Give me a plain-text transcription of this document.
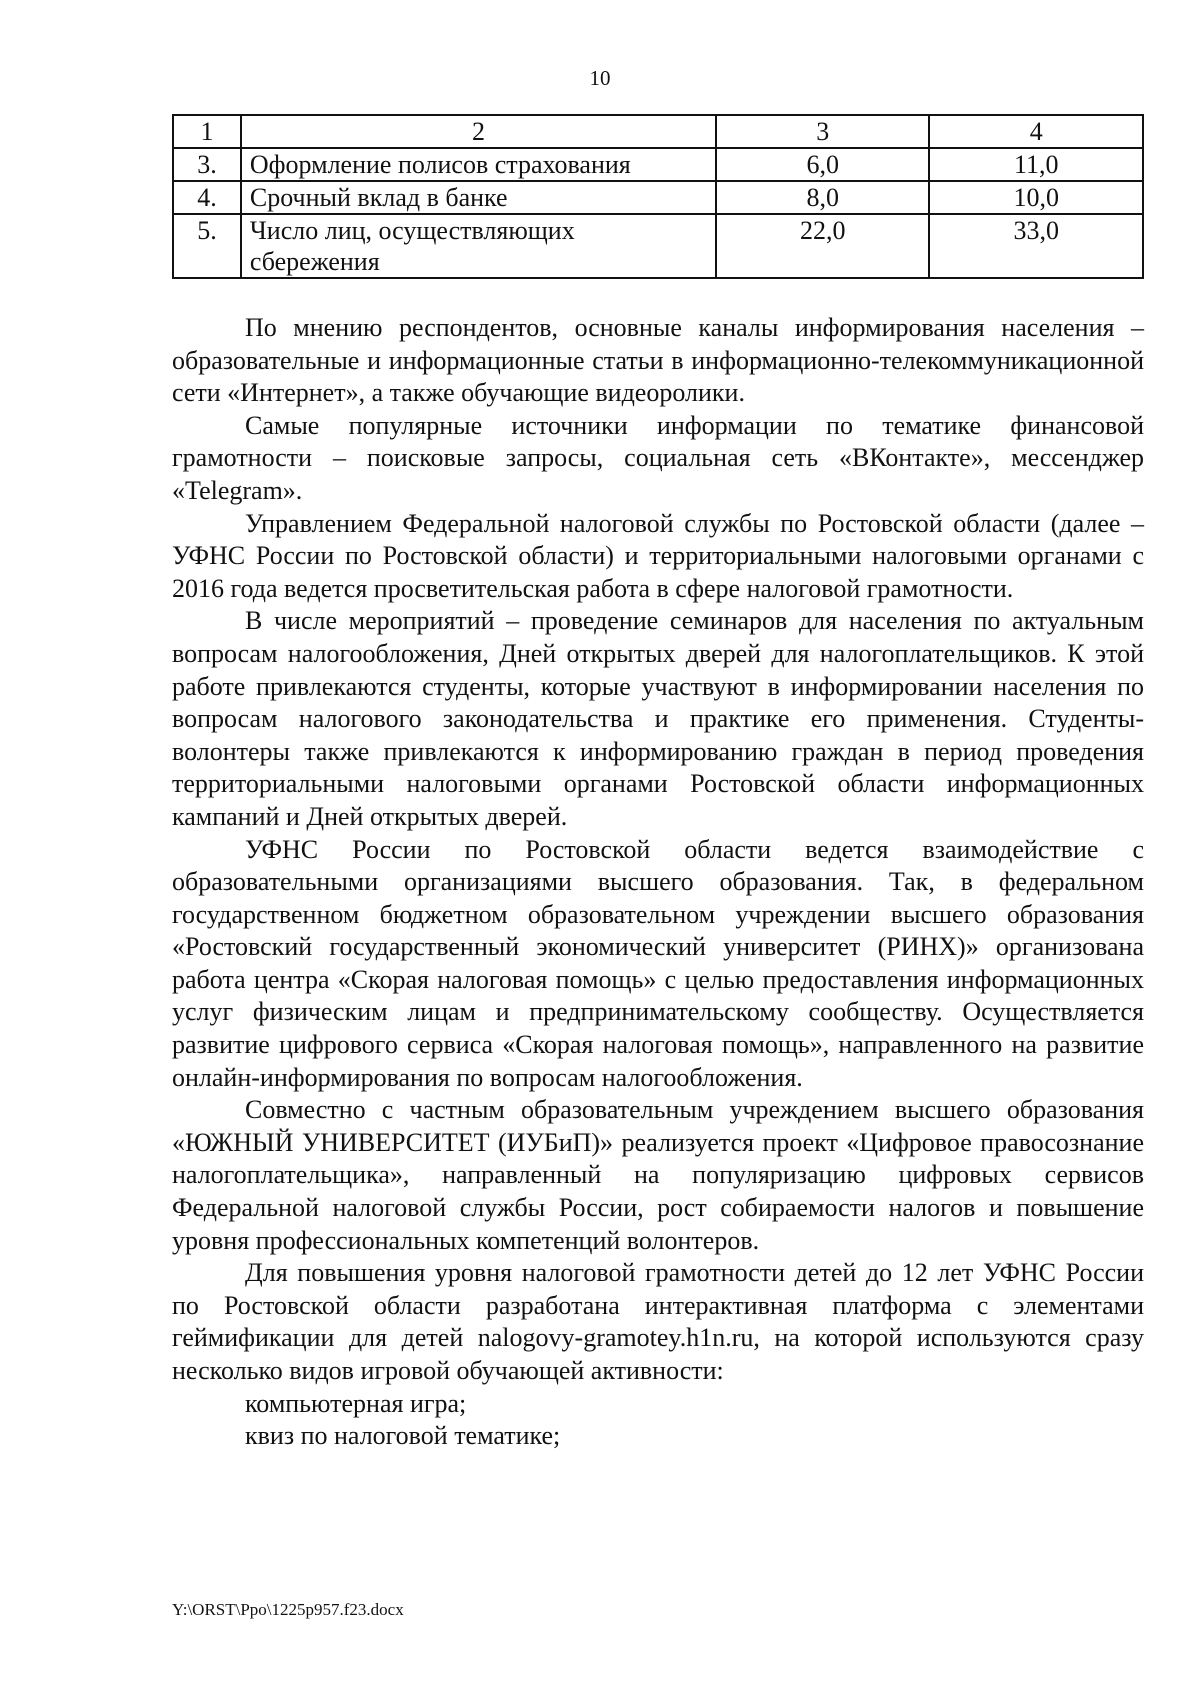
10
1	2	3	4
3.	Оформление полисов страхования	6,0	11,0
4.	Срочный вклад в банке	8,0	10,0
5.	Число лиц, осуществляющих сбережения	22,0	33,0

По мнению респондентов, основные каналы информирования населения – образовательные и информационные статьи в информационно-телекоммуникационной сети «Интернет», а также обучающие видеоролики.

Самые популярные источники информации по тематике финансовой грамотности – поисковые запросы, социальная сеть «ВКонтакте», мессенджер «Telegram».

Управлением Федеральной налоговой службы по Ростовской области (далее – УФНС России по Ростовской области) и территориальными налоговыми органами с 2016 года ведется просветительская работа в сфере налоговой грамотности.

В числе мероприятий – проведение семинаров для населения по актуальным вопросам налогообложения, Дней открытых дверей для налогоплательщиков. К этой работе привлекаются студенты, которые участвуют в информировании населения по вопросам налогового законодательства и практике его применения. Студенты-волонтеры также привлекаются к информированию граждан в период проведения территориальными налоговыми органами Ростовской области информационных кампаний и Дней открытых дверей.

УФНС России по Ростовской области ведется взаимодействие с образовательными организациями высшего образования. Так, в федеральном государственном бюджетном образовательном учреждении высшего образования «Ростовский государственный экономический университет (РИНХ)» организована работа центра «Скорая налоговая помощь» с целью предоставления информационных услуг физическим лицам и предпринимательскому сообществу. Осуществляется развитие цифрового сервиса «Скорая налоговая помощь», направленного на развитие онлайн-информирования по вопросам налогообложения.

Совместно с частным образовательным учреждением высшего образования «ЮЖНЫЙ УНИВЕРСИТЕТ (ИУБиП)» реализуется проект «Цифровое правосознание налогоплательщика», направленный на популяризацию цифровых сервисов Федеральной налоговой службы России, рост собираемости налогов и повышение уровня профессиональных компетенций волонтеров.

Для повышения уровня налоговой грамотности детей до 12 лет УФНС России по Ростовской области разработана интерактивная платформа с элементами геймификации для детей nalogovy-gramotey.h1n.ru, на которой используются сразу несколько видов игровой обучающей активности:

компьютерная игра;

квиз по налоговой тематике;

Y:\ORST\Ppo\1225p957.f23.docx
